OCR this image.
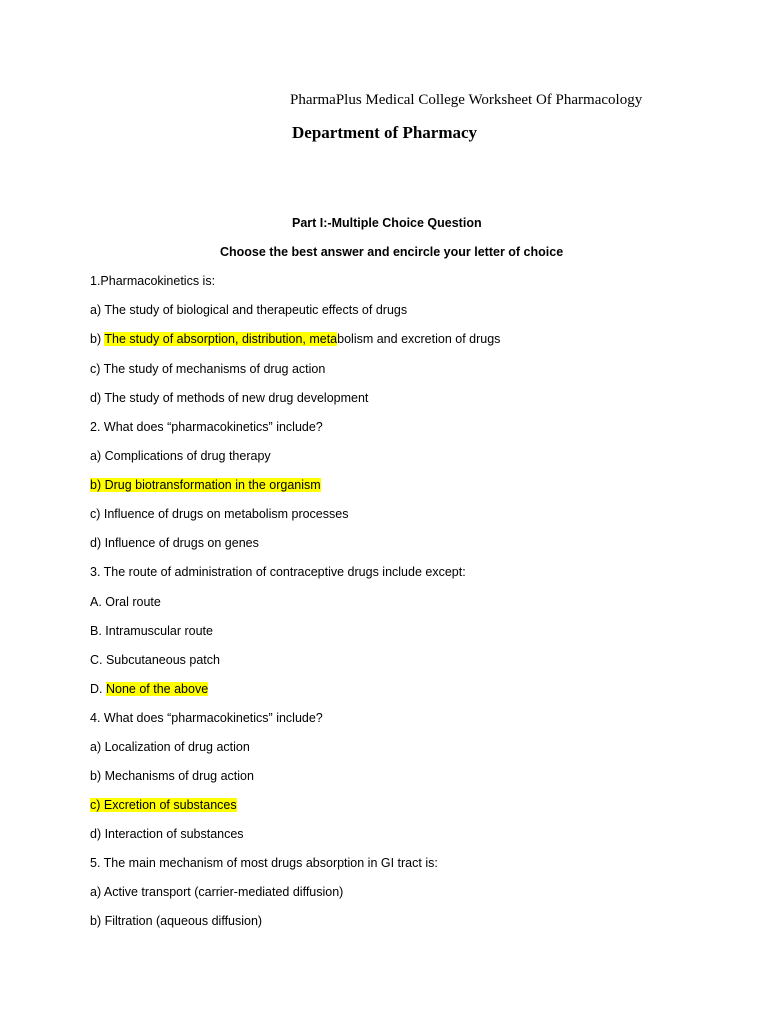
PharmaPlus Medical College Worksheet Of Pharmacology
Department of Pharmacy
Part I:-Multiple Choice Question
Choose the best answer and encircle your letter of choice
1.Pharmacokinetics is:
a) The study of biological and therapeutic effects of drugs
b) The study of absorption, distribution, metabolism and excretion of drugs
c) The study of mechanisms of drug action
d) The study of methods of new drug development
2. What does “pharmacokinetics” include?
a) Complications of drug therapy
b) Drug biotransformation in the organism
c) Influence of drugs on metabolism processes
d) Influence of drugs on genes
3. The route of administration of contraceptive drugs include except:
A. Oral route
B. Intramuscular route
C. Subcutaneous patch
D. None of the above
4. What does “pharmacokinetics” include?
a) Localization of drug action
b) Mechanisms of drug action
c) Excretion of substances
d) Interaction of substances
5. The main mechanism of most drugs absorption in GI tract is:
a) Active transport (carrier-mediated diffusion)
b) Filtration (aqueous diffusion)
